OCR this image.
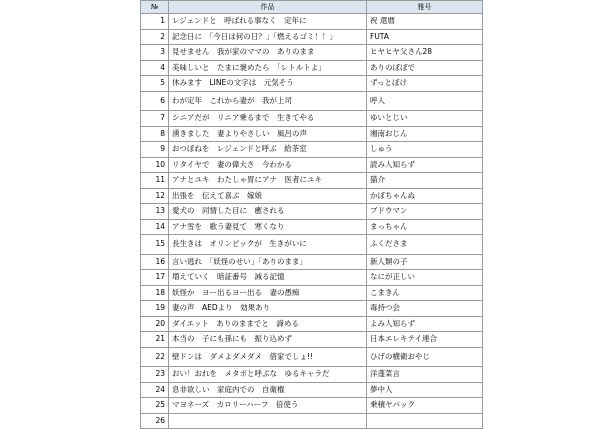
№	作品	雅号
1	レジェンドと　呼ばれる事なく　定年に	祝 還暦
2	記念日に　「今日は何の日？」「燃えるゴミ！！」	FUTA
3	見せません　我が家のママの　ありのまま	ヒヤヒヤ父さん28
4	美味しいと　たまに褒めたら　「レトルトよ」	ありのぼぼで
5	休みます　LINEの文字は　元気そう	ずっとぼけ
6	わが定年　これから妻が　我が上司	呼人
7	シニアだが　リニア乗るまで　生きてやる	ゆいとじい
8	湧きました　妻よりやさしい　風呂の声	湘南おじん
9	おつぼねを　レジェンドと呼ぶ　給茶室	しゅう
10	リタイヤで　妻の偉大さ　今わかる	読み人知らず
11	アナとユキ　わたしゃ胃にアナ　医者にユキ	猫介
12	出張を　伝えて喜ぶ　嫁娘	かぼちゃんぬ
13	愛犬の　同情した目に　癒される	ブドウマン
14	アナ雪を　歌う妻見て　寒くなり	まっちゃん
15	長生きは　オリンピックが　生きがいに	ふくださま
16	言い逃れ　「妖怪のせい」「ありのまま」	新人類の子
17	増えていく　暗証番号　減る記憶	なにが正しい
18	妖怪か　ヨー出るヨー出る　妻の愚痴	こまきん
19	妻の声　AEDより　効果あり	毒持つ会
20	ダイエット　ありのままでと　諦める	よみ人知らず
21	本当の　子にも孫にも　振り込めず	日本エレキテイ連合
22	壁ドンは　ダメよダメダメ　借家でしょ!!	ひげの横衛おやじ
23	おい！おれを　メタボと呼ぶな　ゆるキャラだ	洋蓬菜言
24	息非欲しい　家庭内での　自衛権	夢中人
25	マヨネーズ　カロリーハーフ　倍使う	乗積ヤパック
26		
